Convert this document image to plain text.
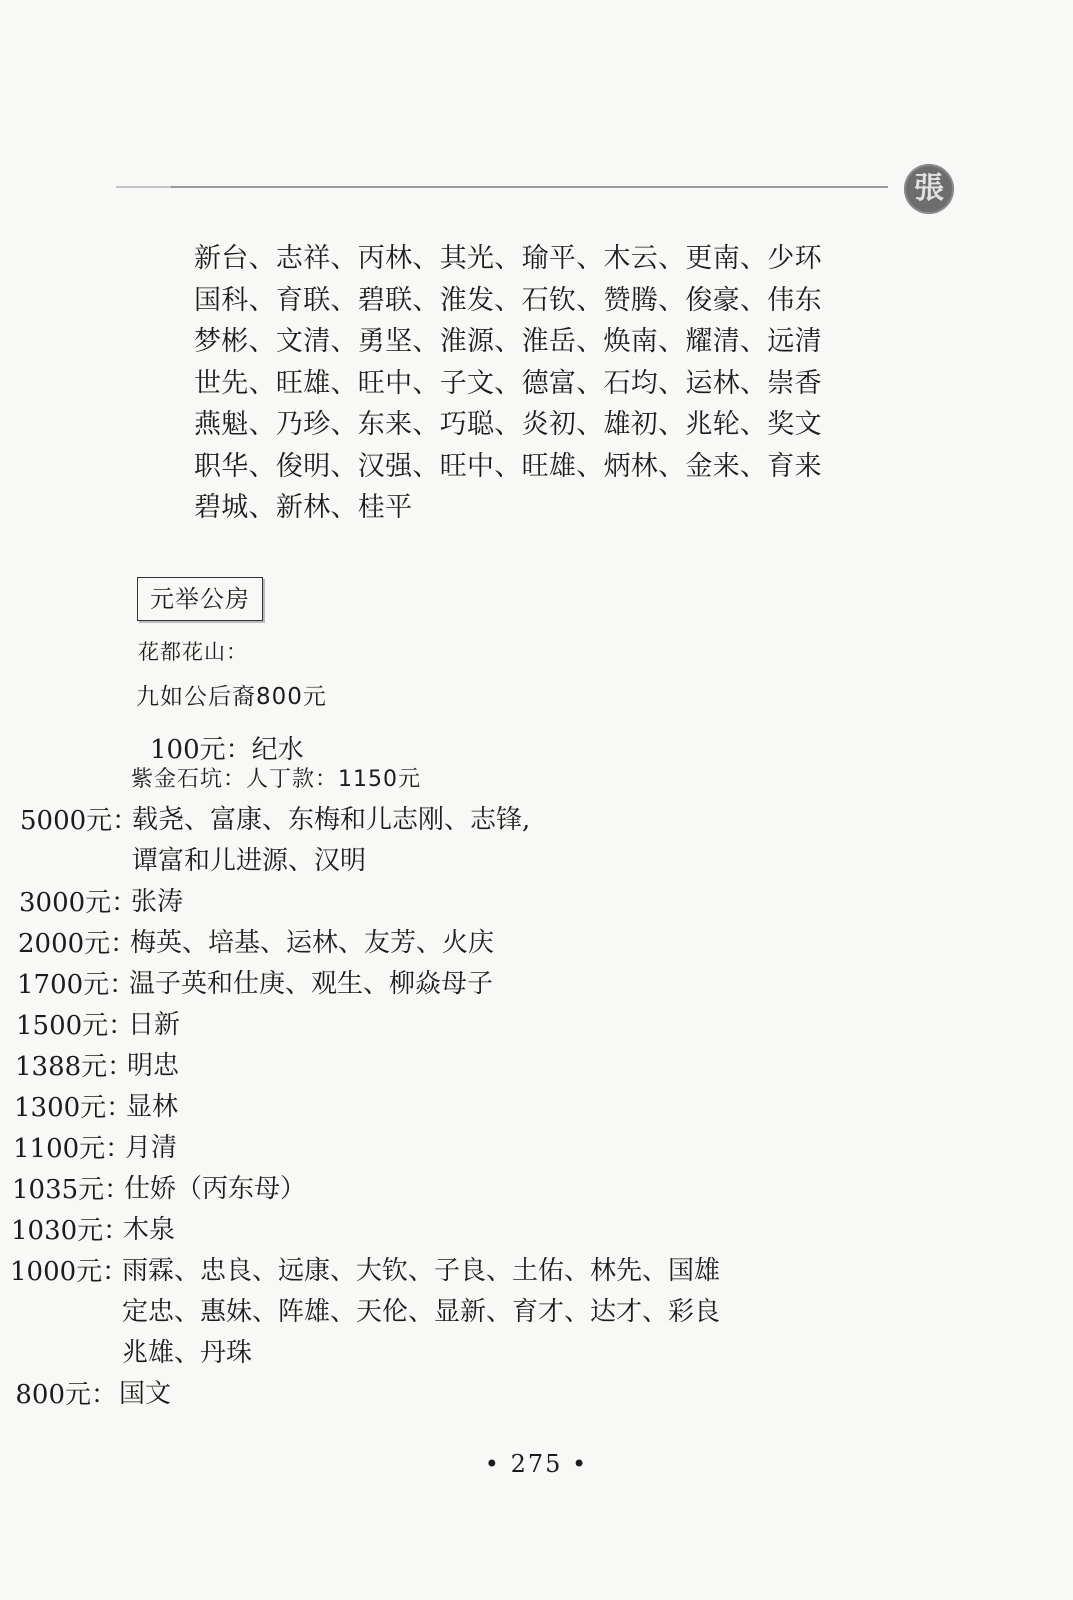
張
新台、志祥、丙林、其光、瑜平、木云、更南、少环
国科、育联、碧联、淮发、石钦、赞腾、俊豪、伟东
梦彬、文清、勇坚、淮源、淮岳、焕南、耀清、远清
世先、旺雄、旺中、子文、德富、石均、运林、崇香
燕魁、乃珍、东来、巧聪、炎初、雄初、兆轮、奖文
职华、俊明、汉强、旺中、旺雄、炳林、金来、育来
碧城、新林、桂平
元举公房
花都花山：
九如公后裔800元
100元：纪水
紫金石坑：人丁款：1150元
5000元：
载尧、富康、东梅和儿志刚、志锋,
谭富和儿进源、汉明
3000元：
张涛
2000元：
梅英、培基、运林、友芳、火庆
1700元：
温子英和仕庚、观生、柳焱母子
1500元：
日新
1388元：
明忠
1300元：
显林
1100元：
月清
1035元：
仕娇（丙东母）
1030元：
木泉
1000元：
雨霖、忠良、远康、大钦、子良、土佑、林先、国雄
定忠、惠妹、阵雄、天伦、显新、育才、达才、彩良
兆雄、丹珠
800元： 国文
• 275 •
